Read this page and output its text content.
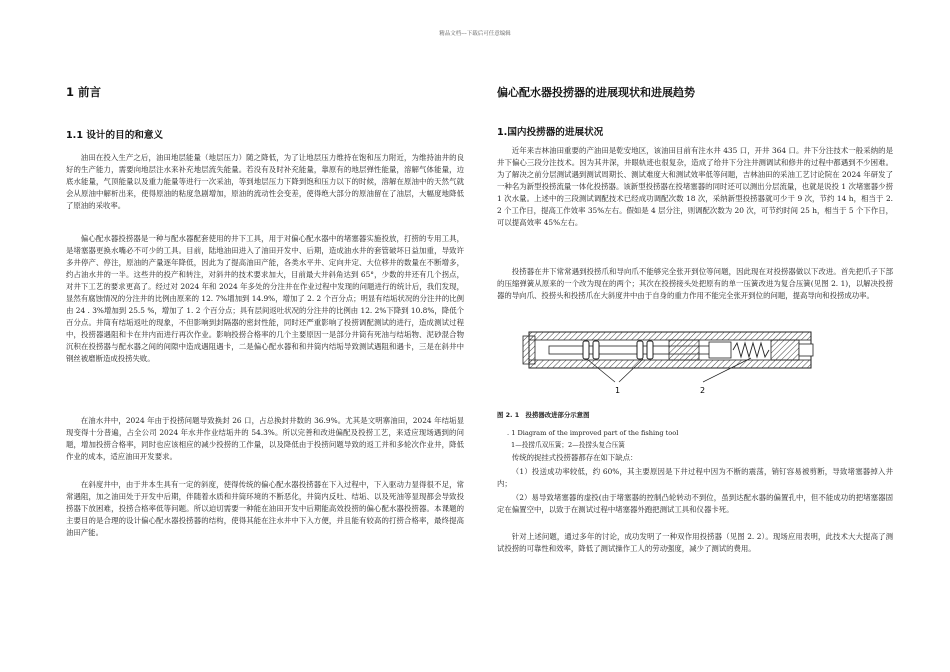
精品文档---下载后可任意编辑
1 前言
1.1 设计的目的和意义

油田在投入生产之后，油田地层能量（地层压力）随之降低，为了让地层压力维持在饱和压力附近，为维持油井的良好的生产能力，需要向地层注水来补充地层流失能量。若没有及时补充能量，靠原有的地层弹性能量，溶解气体能量，边底水能量，气顶能量以及重力能量等进行一次采油，等到地层压力下降到饱和压力以下的时候，溶解在原油中的天然气就会从原油中解析出来，使得原油的粘度急剧增加，原油的流动性会变差，使得绝大部分的原油留在了油层，大幅度地降低了原油的采收率。

偏心配水器投捞器是一种与配水器配套使用的井下工具，用于对偏心配水器中的堵塞器实施投放，打捞的专用工具，是堵塞器更换水嘴必不可少的工具。目前，陆地油田进入了油田开发中、后期，造成油水井的套管破坏日益加重，导致许多井停产、停注，原油的产量逐年降低，因此为了提高油田产能，各类水平井、定向井定、大位移井的数量在不断增多，约占油水井的一半。这些井的投产和转注，对斜井的技术要求加大，目前最大井斜角达到 65°，少数的井还有几个拐点，对井下工艺的要求更高了。经过对 2024 年和 2024 年多处的分注井在作业过程中发现的问题进行的统计后，我们发现，显然有腐蚀情况的分注井的比例由原来的 12. 7%增加到 14.9%，增加了 2. 2 个百分点；明显有结垢状况的分注井的比例由 24 . 3%增加到 25.5 %，增加了 1. 2 个百分点；具有层间返吐状况的分注井的比例由 12. 2%下降到 10.8%，降低个百分点。井筒有结垢返吐的现象，不但影响到封隔器的密封性能，同时还严重影响了投捞调配测试的进行，造成测试过程中，投捞器遇阻和卡在井内而进行再次作业。影响投捞合格率的几个主要原因一是部分井筒有死油与结垢物、泥砂混合物沉积在投捞器与配水器之间的间隙中造成遇阻遇卡，二是偏心配水器和和井筒内结垢导致测试遇阻和遇卡，三是在斜井中钢丝被磨断造成投捞失败。

在油水井中，2024 年由于投捞问题导致换封 26 口，占总换封井数的 36.9%。尤其是文明寨油田，2024 年结垢显现变得十分普遍，占全公司 2024 年水井作业结垢井的 54.3%。所以完善和改进偏配及投捞工艺，来适应现场遇到的问题，增加投捞合格率，同时也应该相应的减少投捞的工作量，以及降低由于投捞问题导致的返工并和多轮次作业井，降低作业的成本，适应油田开发要求。

在斜度井中，由于井本生具有一定的斜度，使得传统的偏心配水器投捞器在下入过程中，下入驱动力显得很不足，常常遇阻，加之油田处于开发中后期，伴随着水质和井筒环境的不断恶化，井筒内反吐、结垢、以及死油等显现都会导致投捞器下放困难，投捞合格率低等问题。所以迫切需要一种能在油田开发中后期能高效投捞的偏心配水器投捞器。本课题的主要目的是合理的设计偏心配水器投捞器的结构，使得其能在注水井中下入方便，并且能有较高的打捞合格率，最终提高油田产能。

偏心配水器投捞器的进展现状和进展趋势
1.国内投捞器的进展状况

近年来吉林油田重要的产油田是乾安地区，该油田目前有注水井 435 口，开井 364 口。井下分注技术一般采纳的是井下偏心三段分注技术。因为其井深，井眼轨迹也很复杂，造成了给井下分注井测调试和修井的过程中都遇到不少困难。为了解决之前分层测试遇到测试周期长、测试难度大和测试效率低等问题，吉林油田的采油工艺讨论院在 2024 年研发了一种名为新型投捞流量一体化投捞器。该新型投捞器在投堵塞器的同时还可以测出分层流量，也就是说投 1 次堵塞器少捞 1 次水量。上述中的三段测试调配技术已经成功调配次数 18 次，采纳新型投捞器就可少干 9 次，节约 14 h，相当于 2. 2 个工作日，提高工作效率 35%左右。假如是 4 层分注，则调配次数为 20 次，可节约时间 25 h，相当于 5 个下作日，可以提高效率 45%左右。

投捞器在井下常常遇到投捞爪和导向爪不能够完全张开到位等问题，因此现在对投捞器做以下改进。首先把爪子下部的压缩弹簧从原来的一个改为现在的两个；其次在投捞接头处把原有的单一压簧改进为复合压簧(见图 2. 1)，以解决投捞器的导向爪、投捞头和投捞爪在大斜度井中由于自身的重力作用不能完全张开到位的问题，提高导向和投捞成功率。

1	2
图 2. 1　投捞器改进部分示意图
. 1 Diagram of the improved part of the fishing tool
1—投捞爪双压簧；2—投捞头复合压簧

传统的捉挂式投捞器都存在如下缺点：

（1）投送成功率较低，约 60%，其主要原因是下井过程中因为不断的震荡，销钉容易被剪断，导致堵塞器掉入井内；

（2）易导致堵塞器的虚投(由于堵塞器的控制凸轮转动不到位，虽到达配水器的偏置孔中，但不能成功的把堵塞器固定在偏置空中，以致于在测试过程中堵塞器外跑把测试工具和仪器卡死。

针对上述问题，通过多年的讨论，成功发明了一种双作用投捞器（见图 2. 2）。现场应用表明，此技术大大提高了测试投捞的可靠性和效率，降低了测试操作工人的劳动强度，减少了测试的费用。
